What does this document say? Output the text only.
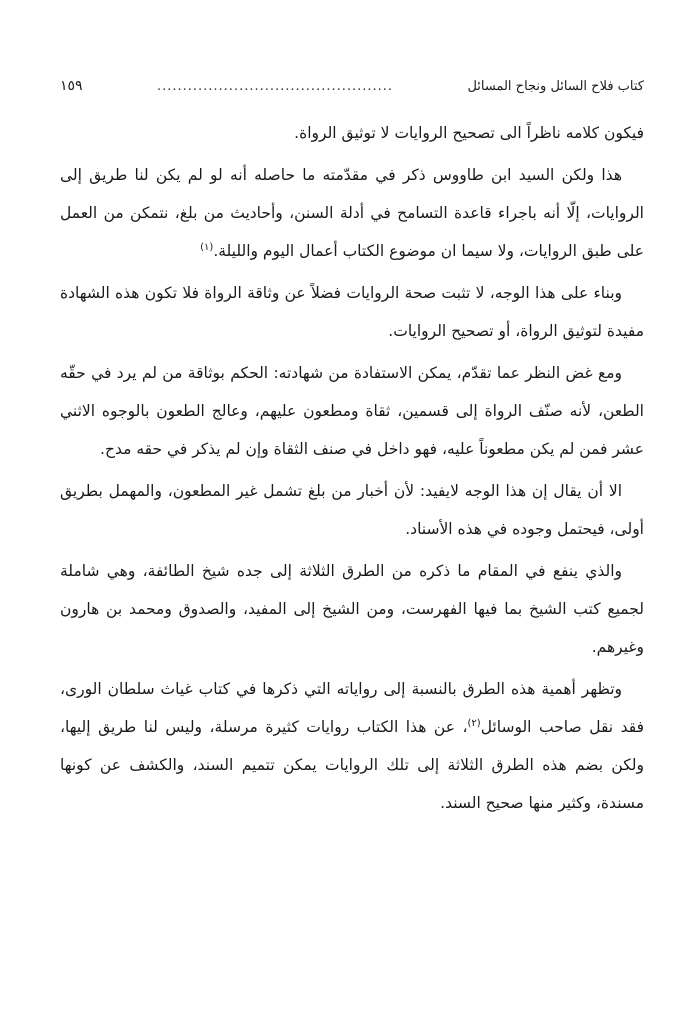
كتاب فلاح السائل ونجاح المسائل
..............................................
١٥٩

فيكون كلامه ناظراً الى تصحيح الروايات لا توثيق الرواة.

هذا ولكن السيد ابن طاووس ذكر في مقدّمته ما حاصله أنه لو لم يكن لنا طريق إلى الروايات، إلّا أنه باجراء قاعدة التسامح في أدلة السنن، وأحاديث من بلغ، نتمكن من العمل على طبق الروايات، ولا سيما ان موضوع الكتاب أعمال اليوم والليلة.$^{(١)}$

وبناء على هذا الوجه، لا تثبت صحة الروايات فضلاً عن وثاقة الرواة فلا تكون هذه الشهادة مفيدة لتوثيق الرواة، أو تصحيح الروايات.

ومع غض النظر عما تقدّم، يمكن الاستفادة من شهادته: الحكم بوثاقة من لم يرد في حقّه الطعن، لأنه صنّف الرواة إلى قسمين، ثقاة ومطعون عليهم، وعالج الطعون بالوجوه الاثني عشر فمن لم يكن مطعوناً عليه، فهو داخل في صنف الثقاة وإن لم يذكر في حقه مدح.

الا أن يقال إن هذا الوجه لايفيد: لأن أخبار من بلغ تشمل غير المطعون، والمهمل بطريق أولى، فيحتمل وجوده في هذه الأسناد.

والذي ينفع في المقام ما ذكره من الطرق الثلاثة إلى جده شيخ الطائفة، وهي شاملة لجميع كتب الشيخ بما فيها الفهرست، ومن الشيخ إلى المفيد، والصدوق ومحمد بن هارون وغيرهم.

وتظهر أهمية هذه الطرق بالنسبة إلى رواياته التي ذكرها في كتاب غياث سلطان الورى، فقد نقل صاحب الوسائل$^{(٢)}$، عن هذا الكتاب روايات كثيرة مرسلة، وليس لنا طريق إليها، ولكن بضم هذه الطرق الثلاثة إلى تلك الروايات يمكن تتميم السند، والكشف عن كونها مسندة، وكثير منها صحيح السند.
